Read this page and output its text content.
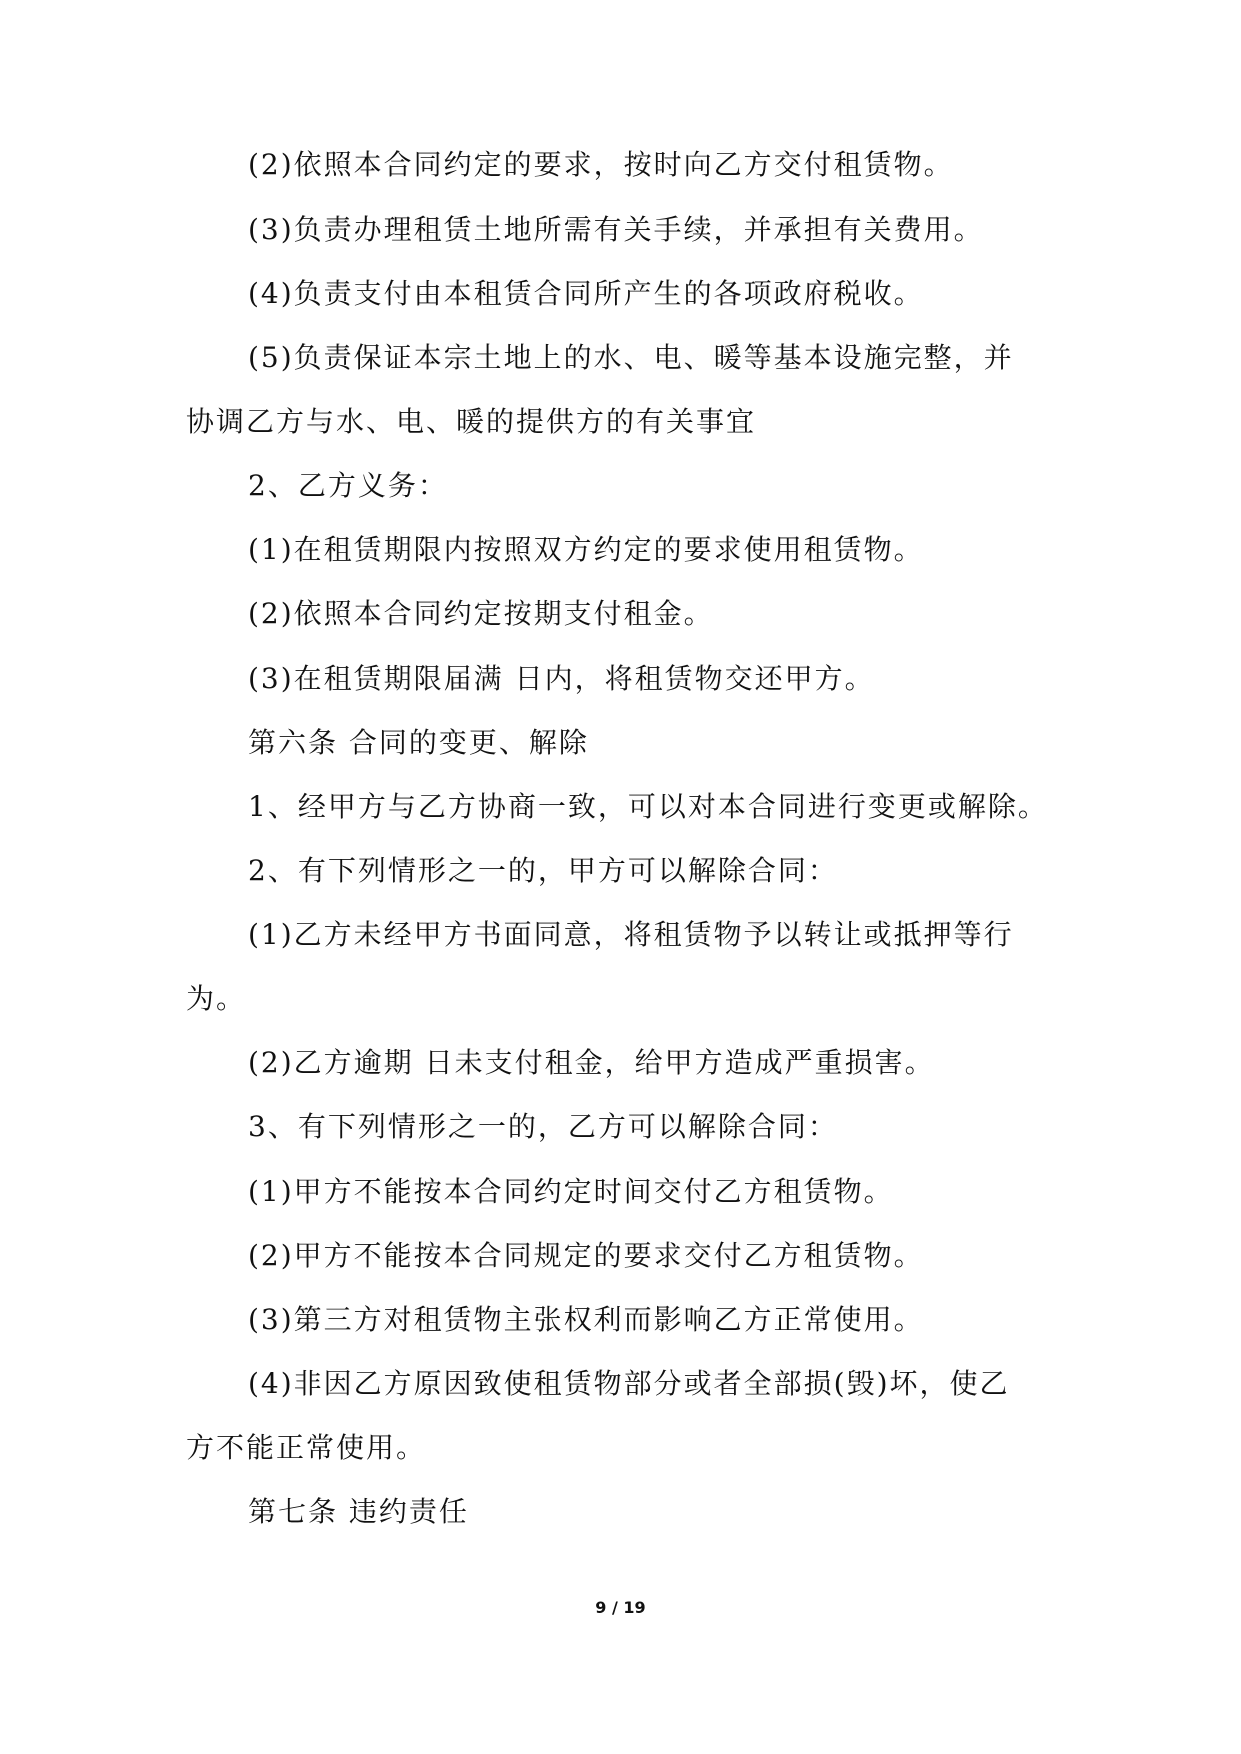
(2)依照本合同约定的要求，按时向乙方交付租赁物。
(3)负责办理租赁土地所需有关手续，并承担有关费用。
(4)负责支付由本租赁合同所产生的各项政府税收。
(5)负责保证本宗土地上的水、电、暖等基本设施完整，并
协调乙方与水、电、暖的提供方的有关事宜
2、乙方义务：
(1)在租赁期限内按照双方约定的要求使用租赁物。
(2)依照本合同约定按期支付租金。
(3)在租赁期限届满 日内，将租赁物交还甲方。
第六条 合同的变更、解除
1、经甲方与乙方协商一致，可以对本合同进行变更或解除。
2、有下列情形之一的，甲方可以解除合同：
(1)乙方未经甲方书面同意，将租赁物予以转让或抵押等行
为。
(2)乙方逾期 日未支付租金，给甲方造成严重损害。
3、有下列情形之一的，乙方可以解除合同：
(1)甲方不能按本合同约定时间交付乙方租赁物。
(2)甲方不能按本合同规定的要求交付乙方租赁物。
(3)第三方对租赁物主张权利而影响乙方正常使用。
(4)非因乙方原因致使租赁物部分或者全部损(毁)坏，使乙
方不能正常使用。
第七条 违约责任
9 / 19
